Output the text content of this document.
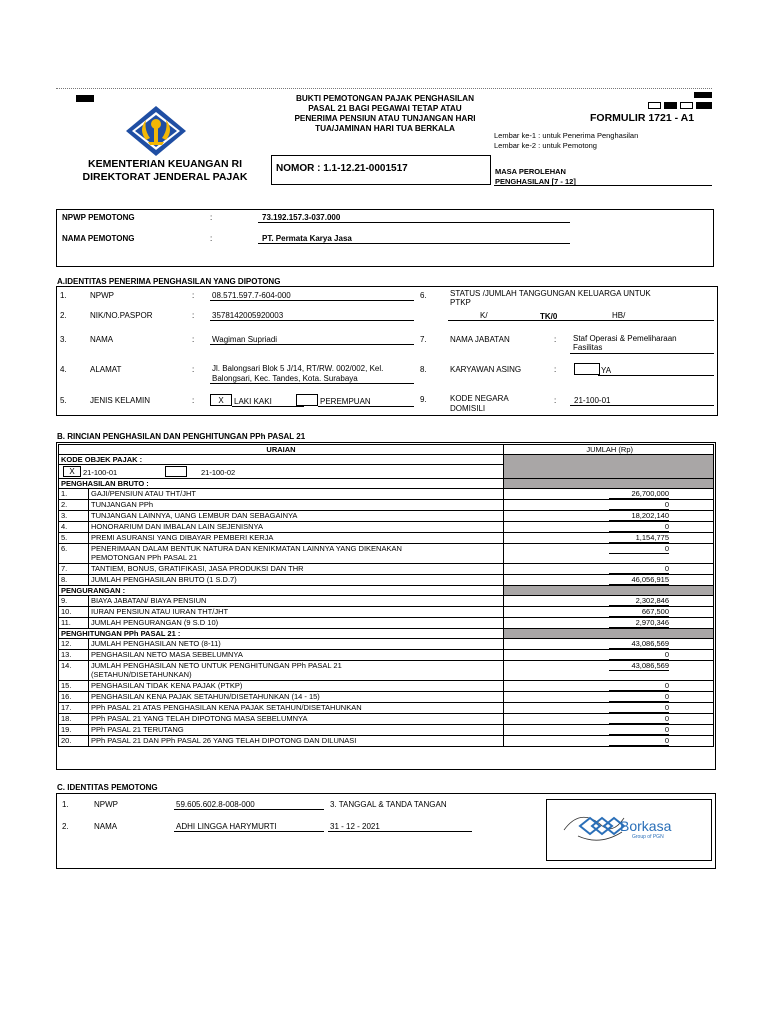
BUKTI PEMOTONGAN PAJAK PENGHASILAN
PASAL 21 BAGI PEGAWAI TETAP ATAU
PENERIMA PENSIUN ATAU TUNJANGAN HARI
TUA/JAMINAN HARI TUA BERKALA
FORMULIR 1721 - A1
Lembar ke-1 : untuk Penerima Penghasilan
Lembar ke-2 : untuk Pemotong
KEMENTERIAN KEUANGAN RI
DIREKTORAT JENDERAL PAJAK
NOMOR : 1.1-12.21-0001517	MASA PEROLEHAN
PENGHASILAN [7 - 12]
NPWP PEMOTONG	:	73.192.157.3-037.000
NAMA PEMOTONG	:	PT. Permata Karya Jasa
A.IDENTITAS PENERIMA PENGHASILAN YANG DIPOTONG
1.	NPWP	: 08.571.597.7-604-000
2.	NIK/NO.PASPOR	: 3578142005920003
3.	NAMA	: Wagiman Supriadi
4.	ALAMAT	: Jl. Balongsari Blok 5 J/14, RT/RW. 002/002, Kel.
Balongsari, Kec. Tandes, Kota. Surabaya
5.	JENIS KELAMIN	:	X	LAKI KAKI	PEREMPUAN
6.	STATUS /JUMLAH TANGGUNGAN KELUARGA UNTUK
PTKP
K/	TK/0	HB/
7.	NAMA JABATAN	: Staf Operasi & Pemeliharaan
Fasilitas
8.	KARYAWAN ASING	:	YA
9.	KODE NEGARA
DOMISILI
: 21-100-01
B. RINCIAN PENGHASILAN DAN PENGHITUNGAN PPh PASAL 21
URAIAN		JUMLAH (Rp)
KODE OBJEK PAJAK :		

X 21-100-01 21-100-02		

PENGHASILAN BRUTO :		
1.	GAJI/PENSIUN ATAU THT/JHT	26,700,000
2.	TUNJANGAN PPh	0
3.	TUNJANGAN LAINNYA, UANG LEMBUR DAN SEBAGAINYA	18,202,140
4.	HONORARIUM DAN IMBALAN LAIN SEJENISNYA	0
5.	PREMI ASURANSI YANG DIBAYAR PEMBERI KERJA	1,154,775
6.	PENERIMAAN DALAM BENTUK NATURA DAN KENIKMATAN LAINNYA YANG DIKENAKAN
PEMOTONGAN PPh PASAL 21	0
7.	TANTIEM, BONUS, GRATIFIKASI, JASA PRODUKSI DAN THR	0
8.	JUMLAH PENGHASILAN BRUTO (1 S.D.7)	46,056,915
PENGURANGAN :		
9.	BIAYA JABATAN/ BIAYA PENSIUN	2,302,846
10.	IURAN PENSIUN ATAU IURAN THT/JHT	667,500
11.	JUMLAH PENGURANGAN (9 S.D 10)	2,970,346
PENGHITUNGAN PPh PASAL 21 :		
12.	JUMLAH PENGHASILAN NETO (8-11)	43,086,569
13.	PENGHASILAN NETO MASA SEBELUMNYA	0
14.	JUMLAH PENGHASILAN NETO UNTUK PENGHITUNGAN PPh PASAL 21
(SETAHUN/DISETAHUNKAN)	43,086,569
15.	PENGHASILAN TIDAK KENA PAJAK (PTKP)	0
16.	PENGHASILAN KENA PAJAK SETAHUN/DISETAHUNKAN (14 - 15)	0
17.	PPh PASAL 21 ATAS PENGHASILAN KENA PAJAK SETAHUN/DISETAHUNKAN	0
18.	PPh PASAL 21 YANG TELAH DIPOTONG MASA SEBELUMNYA	0
19.	PPh PASAL 21 TERUTANG	0
20.	PPh PASAL 21 DAN PPh PASAL 26 YANG TELAH DIPOTONG DAN DILUNASI	0
C. IDENTITAS PEMOTONG
1.	NPWP	59.605.602.8-008-000	3. TANGGAL & TANDA TANGAN
2.	NAMA	ADHI LINGGA HARYMURTI	31 - 12 - 2021	Borkasa
Group of PGN
